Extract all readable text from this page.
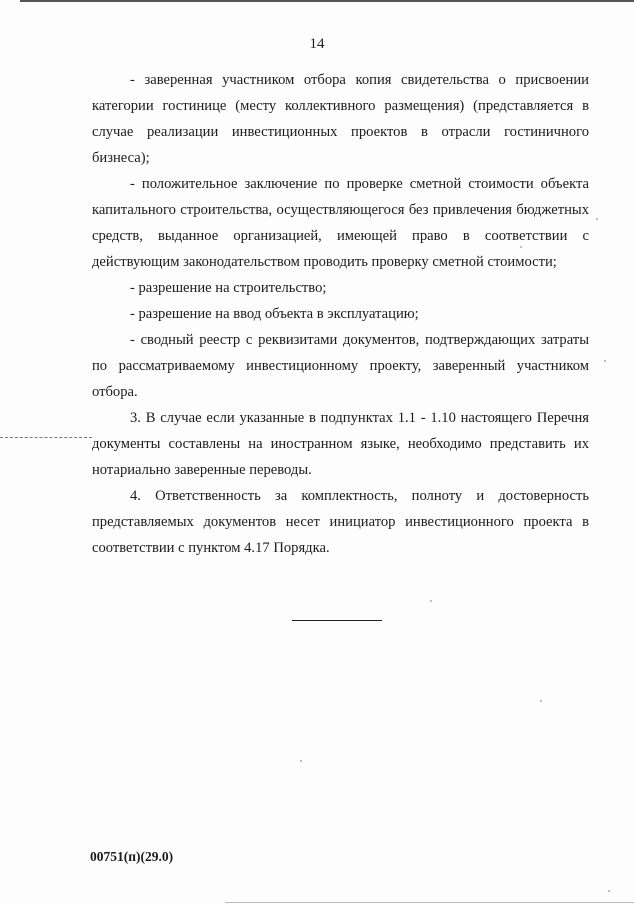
14

- заверенная участником отбора копия свидетельства о присвоении категории гостинице (месту коллективного размещения) (представляется в случае реализации инвестиционных проектов в отрасли гостиничного бизнеса);

- положительное заключение по проверке сметной стоимости объекта капитального строительства, осуществляющегося без привлечения бюджетных средств, выданное организацией, имеющей право в соответствии с действующим законодательством проводить проверку сметной стоимости;

- разрешение на строительство;

- разрешение на ввод объекта в эксплуатацию;

- сводный реестр с реквизитами документов, подтверждающих затраты по рассматриваемому инвестиционному проекту, заверенный участником отбора.

3. В случае если указанные в подпунктах 1.1 - 1.10 настоящего Перечня документы составлены на иностранном языке, необходимо представить их нотариально заверенные переводы.

4. Ответственность за комплектность, полноту и достоверность представляемых документов несет инициатор инвестиционного проекта в соответствии с пунктом 4.17 Порядка.

00751(п)(29.0)
